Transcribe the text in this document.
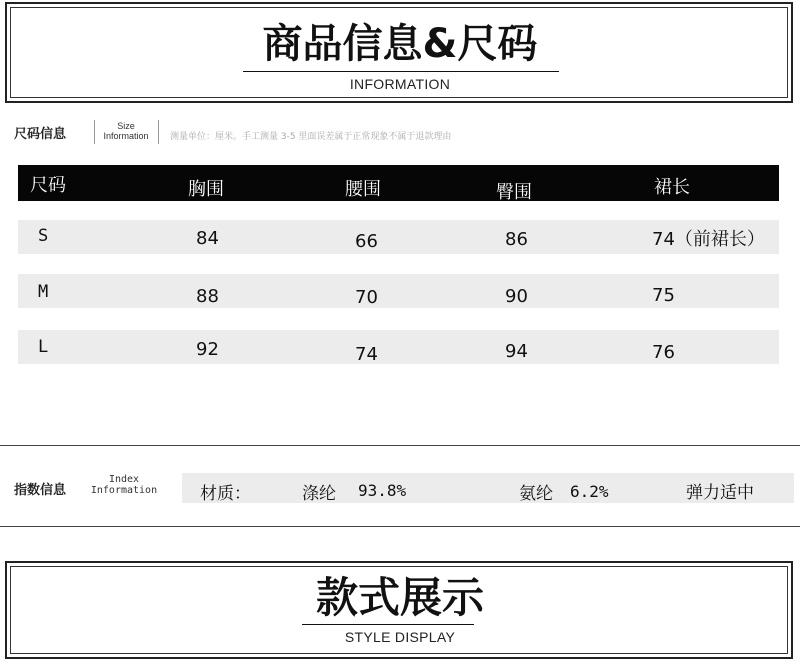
商品信息&尺码
INFORMATION
尺码信息
Size
Information	测量单位：厘米。手工测量 3-5 里面误差属于正常现象不属于退款理由
尺码	胸围	腰围	臀围	裙长
S	84	66	86	74（前裙长）
M	88	70	90	75
L	92	74	94	76
指数信息
Index
Information	材质：	涤纶 93.8%	氨纶 6.2%	弹力适中
款式展示
STYLE DISPLAY
